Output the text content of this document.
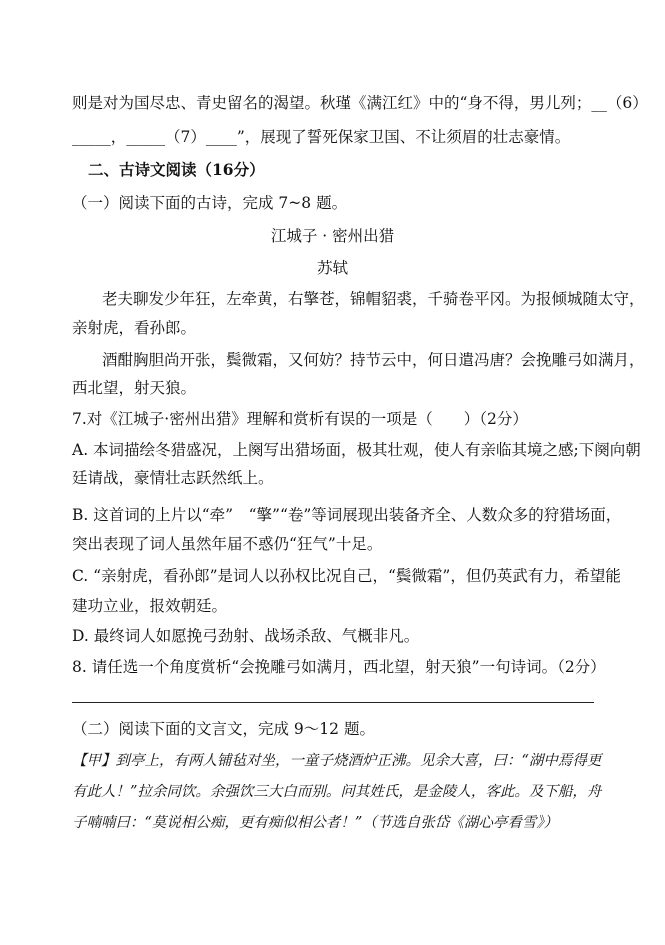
则是对为国尽忠、青史留名的渴望。秋瑾《满江红》中的“身不得，男儿列；__（6）
_____，_____（7）____”，展现了誓死保家卫国、不让须眉的壮志豪情。
二、古诗文阅读（16分）
（一）阅读下面的古诗，完成 7~8 题。
江城子 · 密州出猎
苏轼
老夫聊发少年狂，左牵黄，右擎苍，锦帽貂裘，千骑卷平冈。为报倾城随太守，
亲射虎，看孙郎。
酒酣胸胆尚开张，鬓微霜，又何妨？持节云中，何日遣冯唐？会挽雕弓如满月，
西北望，射天狼。
7.对《江城子·密州出猎》理解和赏析有误的一项是（　　）（2分）
A. 本词描绘冬猎盛况，上阕写出猎场面，极其壮观，使人有亲临其境之感;下阕向朝
廷请战，豪情壮志跃然纸上。
B. 这首词的上片以“牵”　“擎”“卷”等词展现出装备齐全、人数众多的狩猎场面，
突出表现了词人虽然年届不惑仍“狂气”十足。
C. “亲射虎，看孙郎”是词人以孙权比况自己，“鬓微霜”，但仍英武有力，希望能
建功立业，报效朝廷。
D. 最终词人如愿挽弓劲射、战场杀敌、气概非凡。
8. 请任选一个角度赏析“会挽雕弓如满月，西北望，射天狼”一句诗词。（2分）
（二）阅读下面的文言文，完成 9～12 题。
【甲】到亭上，有两人铺毡对坐，一童子烧酒炉正沸。见余大喜，曰：“湖中焉得更
有此人！”拉余同饮。余强饮三大白而别。问其姓氏，是金陵人，客此。及下船，舟
子喃喃曰：“莫说相公痴，更有痴似相公者！”（节选自张岱《湖心亭看雪》）
